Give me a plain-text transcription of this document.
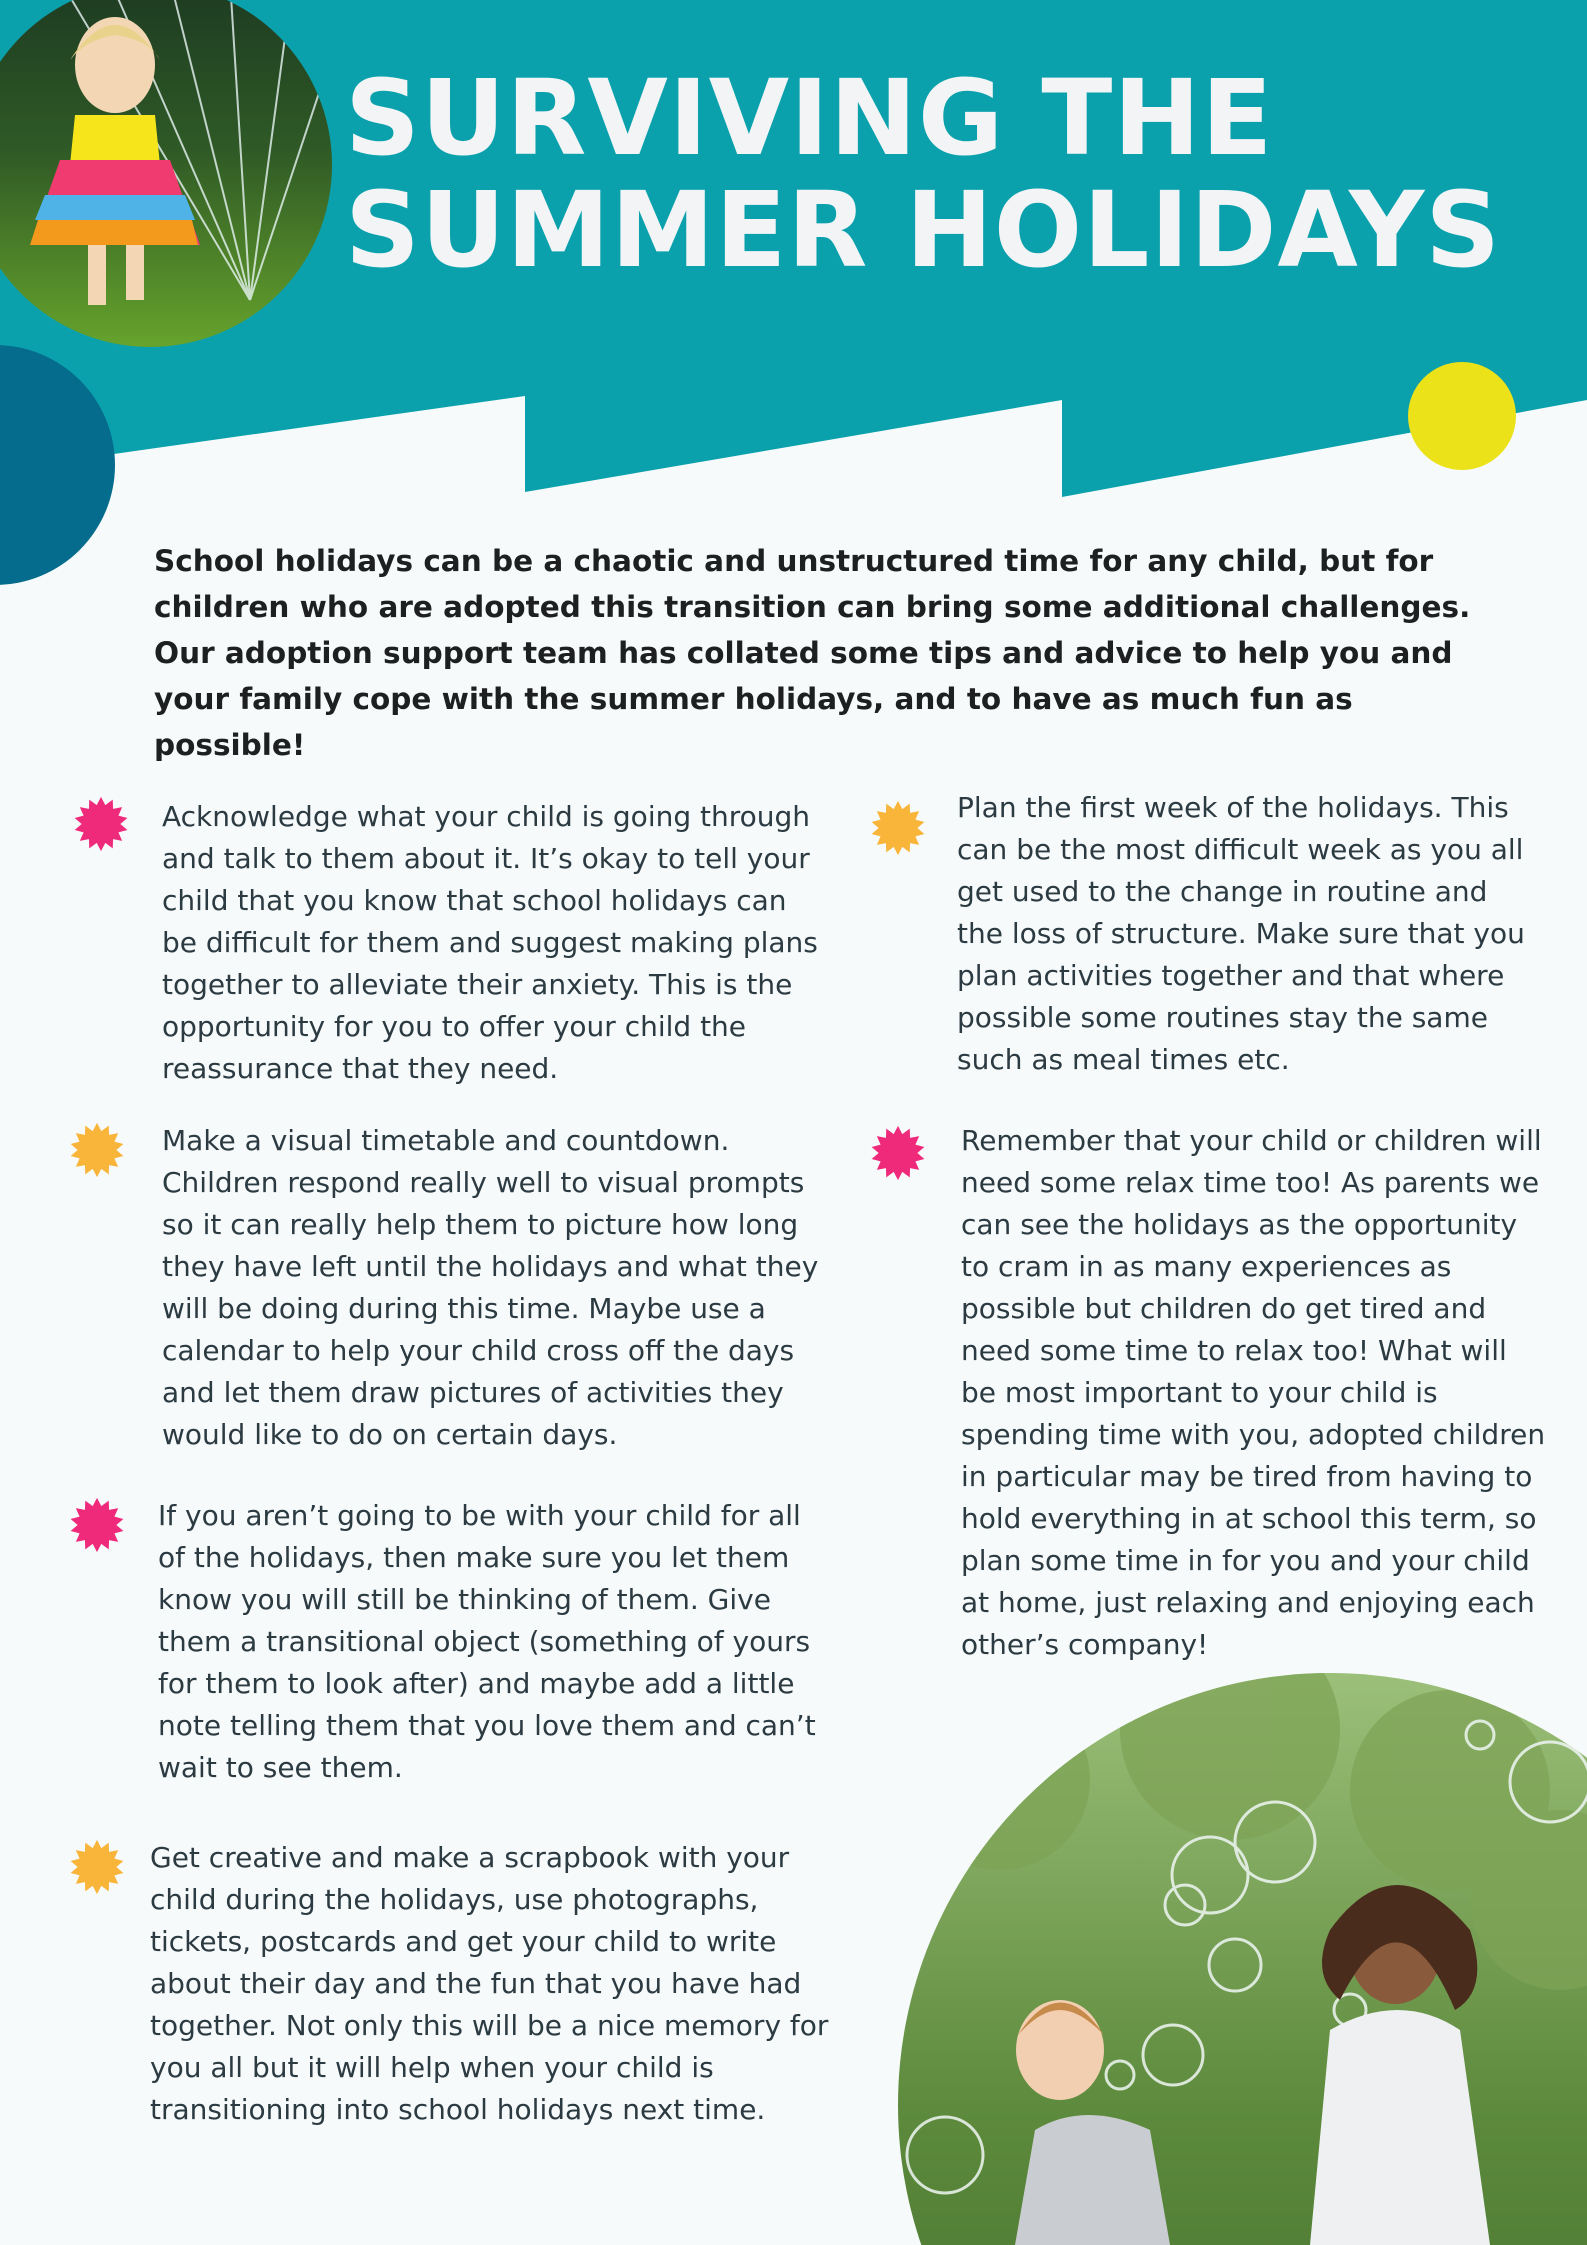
SURVIVING THE
SUMMER HOLIDAYS

School holidays can be a chaotic and unstructured time for any child, but for children who are adopted this transition can bring some additional challenges. Our adoption support team has collated some tips and advice to help you and your family cope with the summer holidays, and to have as much fun as possible!

Acknowledge what your child is going through and talk to them about it. It’s okay to tell your child that you know that school holidays can be difficult for them and suggest making plans together to alleviate their anxiety. This is the opportunity for you to offer your child the reassurance that they need.

Make a visual timetable and countdown. Children respond really well to visual prompts so it can really help them to picture how long they have left until the holidays and what they will be doing during this time. Maybe use a calendar to help your child cross off the days and let them draw pictures of activities they would like to do on certain days.

If you aren’t going to be with your child for all of the holidays, then make sure you let them know you will still be thinking of them. Give them a transitional object (something of yours for them to look after) and maybe add a little note telling them that you love them and can’t wait to see them.

Get creative and make a scrapbook with your child during the holidays, use photographs, tickets, postcards and get your child to write about their day and the fun that you have had together. Not only this will be a nice memory for you all but it will help when your child is transitioning into school holidays next time.

Plan the first week of the holidays. This can be the most difficult week as you all get used to the change in routine and the loss of structure. Make sure that you plan activities together and that where possible some routines stay the same such as meal times etc.

Remember that your child or children will need some relax time too! As parents we can see the holidays as the opportunity to cram in as many experiences as possible but children do get tired and need some time to relax too! What will be most important to your child is spending time with you, adopted children in particular may be tired from having to hold everything in at school this term, so plan some time in for you and your child at home, just relaxing and enjoying each other’s company!
